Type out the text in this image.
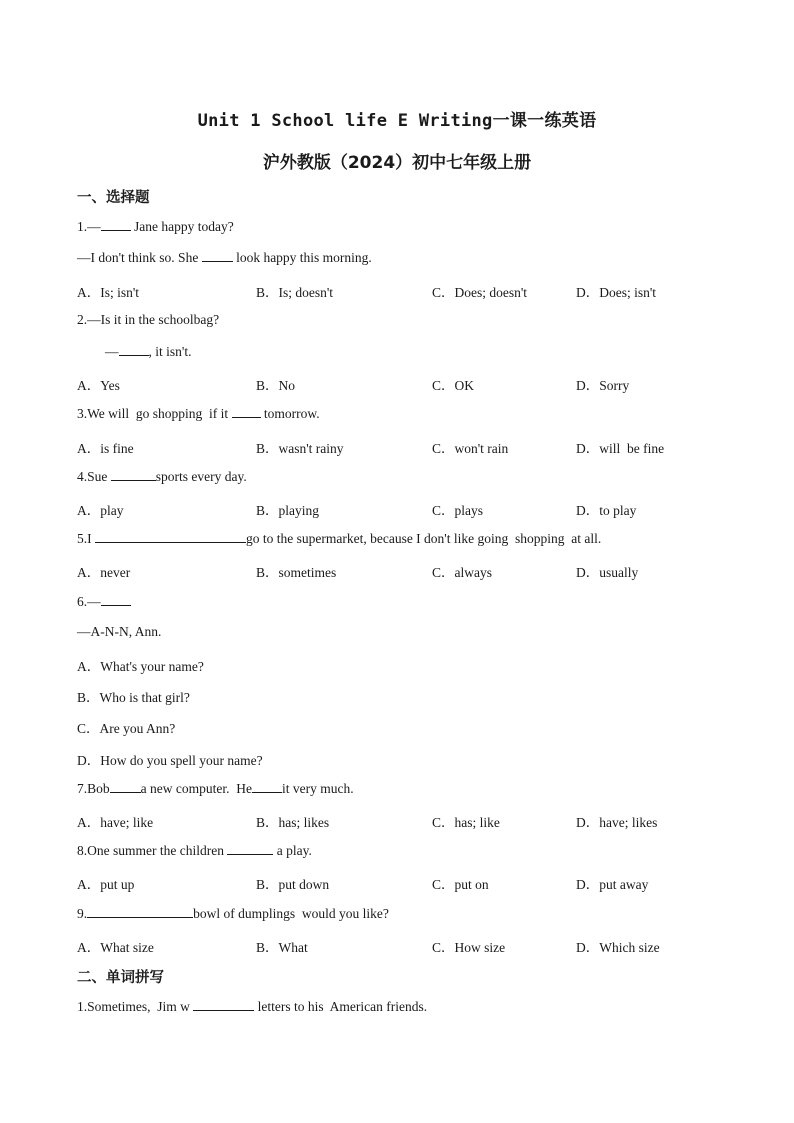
Unit 1 School life E Writing一课一练英语
沪外教版（2024）初中七年级上册
一、选择题
1.— Jane happy today?
—I don't think so. She  look happy this morning.
A．Is; isn't	B．Is; doesn't	C．Does; doesn't	D．Does; isn't
2.—Is it in the schoolbag?
— , it isn't.
A．Yes	B．No	C．OK	D．Sorry
3.We will  go shopping  if it  tomorrow.
A．is fine	B．wasn't rainy	C．won't rain	D．will  be fine
4.Sue	sports every day.
A．play	B．playing	C．plays	D．to play
5.I	go to the supermarket, because I don't like going  shopping  at all.
A．never	B．sometimes	C．always	D．usually
6.—
—A-N-N, Ann.
A．What's your name?
B．Who is that girl?
C．Are you Ann?
D．How do you spell your name?
7.Bob a new computer.  He it very much.
A．have; like	B．has; likes	C．has; like	D．have; likes
8.One summer the children	a play.
A．put up	B．put down	C．put on	D．put away
9.	bowl of dumplings  would you like?
A．What size	B．What	C．How size	D．Which size
二、单词拼写
1.Sometimes,  Jim w	letters to his  American friends.
